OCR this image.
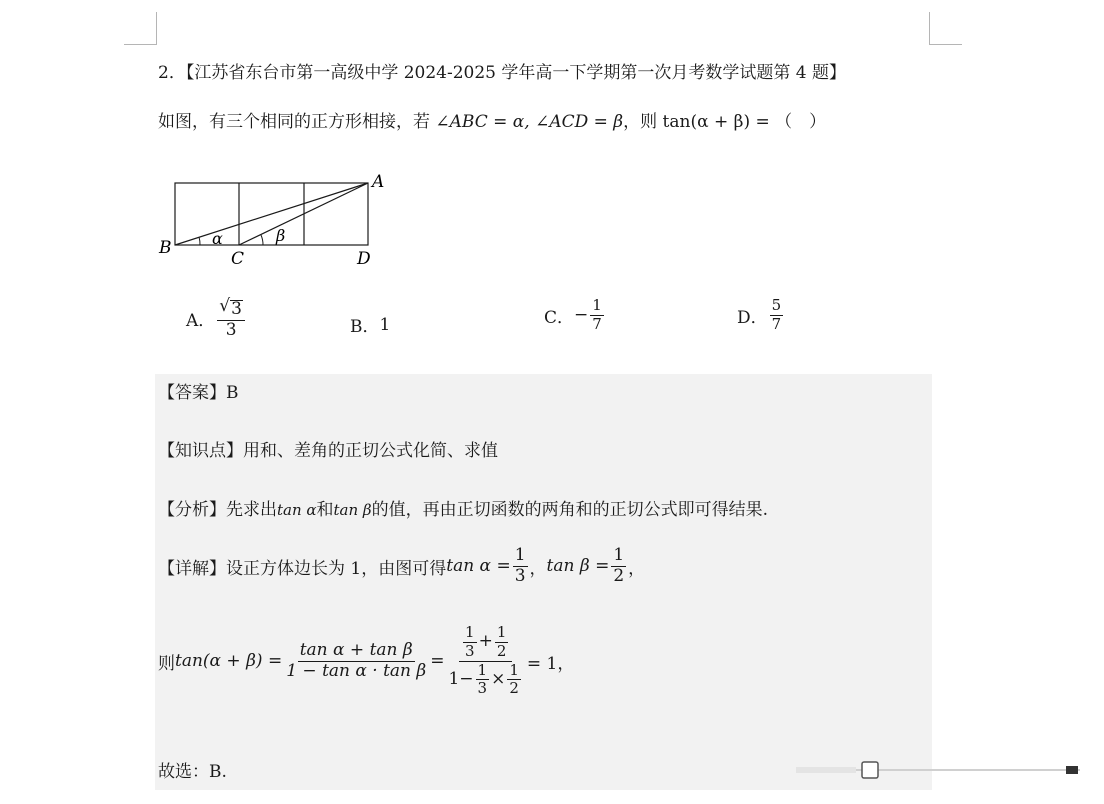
2．【江苏省东台市第一高级中学 2024-2025 学年高一下学期第一次月考数学试题第 4 题】
如图，有三个相同的正方形相接，若 ∠ABC = α, ∠ACD = β，则 tan(α + β) = （　）
A
B
C	D
α	β
A． $\frac{√ 3}{3}$	B． 1	C． − $\frac{1}{7}$	D． $\frac{5}{7}$
【答案】B
【知识点】用和、差角的正切公式化简、求值
【分析】先求出tan α和tan β的值，再由正切函数的两角和的正切公式即可得结果.
【详解】设正方体边长为 1，由图可得 $\tan \alpha = \frac{1}{3}$ ， $\tan \beta = \frac{1}{2}$ ，
则 $\tan(\alpha + \beta) = \frac{\text{tan α + tan β}}{\text{1 − tan α · tan β}} = \frac{\frac{1}{3} + \frac{1}{2}}{1- \frac{1}{3} \times \frac{1}{2}} = 1$，
故选：B.
